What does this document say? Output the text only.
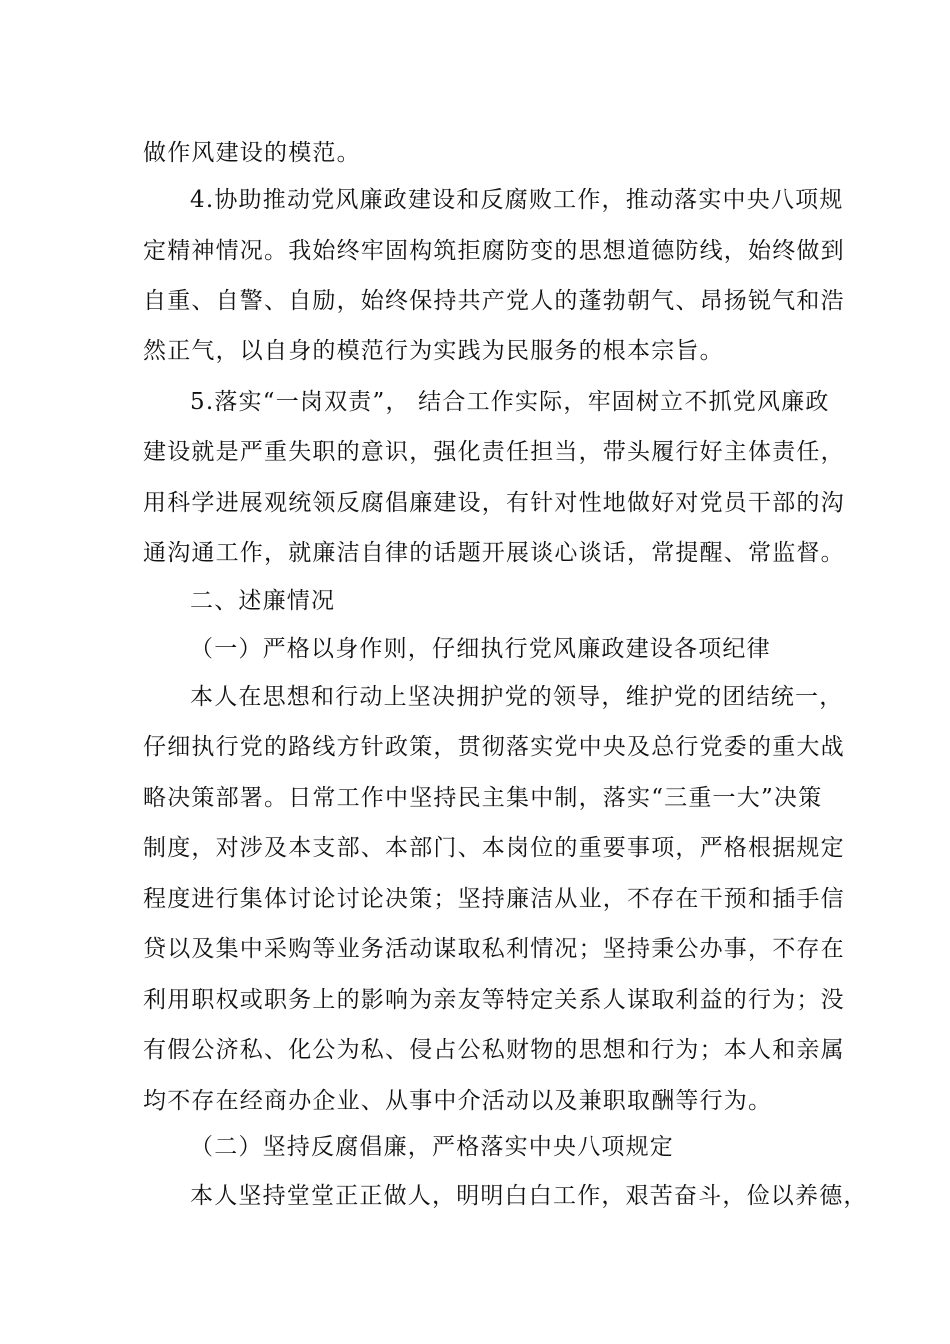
做作风建设的模范。
4.协助推动党风廉政建设和反腐败工作，推动落实中央八项规
定精神情况。我始终牢固构筑拒腐防变的思想道德防线，始终做到
自重、自警、自励，始终保持共产党人的蓬勃朝气、昂扬锐气和浩
然正气，以自身的模范行为实践为民服务的根本宗旨。
5.落实“一岗双责”， 结合工作实际，牢固树立不抓党风廉政
建设就是严重失职的意识，强化责任担当，带头履行好主体责任，
用科学进展观统领反腐倡廉建设，有针对性地做好对党员干部的沟
通沟通工作，就廉洁自律的话题开展谈心谈话，常提醒、常监督。
二、述廉情况
（一）严格以身作则，仔细执行党风廉政建设各项纪律
本人在思想和行动上坚决拥护党的领导，维护党的团结统一，
仔细执行党的路线方针政策，贯彻落实党中央及总行党委的重大战
略决策部署。日常工作中坚持民主集中制，落实“三重一大”决策
制度，对涉及本支部、本部门、本岗位的重要事项，严格根据规定
程度进行集体讨论讨论决策；坚持廉洁从业，不存在干预和插手信
贷以及集中采购等业务活动谋取私利情况；坚持秉公办事，不存在
利用职权或职务上的影响为亲友等特定关系人谋取利益的行为；没
有假公济私、化公为私、侵占公私财物的思想和行为；本人和亲属
均不存在经商办企业、从事中介活动以及兼职取酬等行为。
（二）坚持反腐倡廉，严格落实中央八项规定
本人坚持堂堂正正做人，明明白白工作，艰苦奋斗，俭以养德，
